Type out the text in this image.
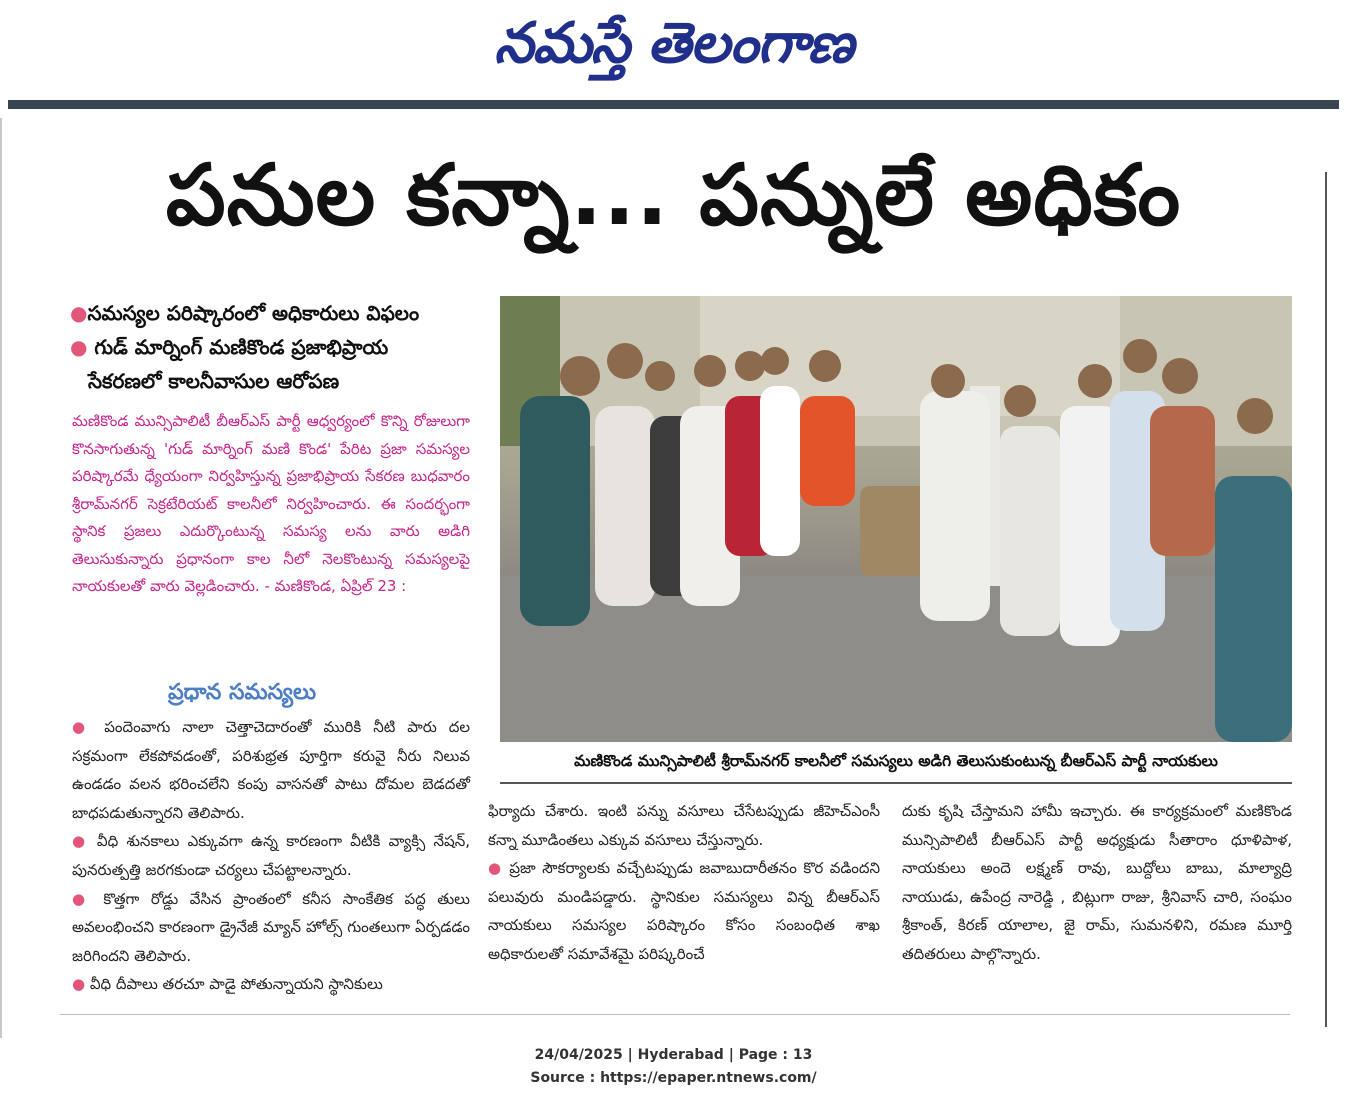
నమస్తే తెలంగాణ
పనుల కన్నా... పన్నులే అధికం
●సమస్యల పరిష్కారంలో అధికారులు విఫలం
● గుడ్ మార్నింగ్ మణికొండ ప్రజాభిప్రాయ
సేకరణలో కాలనీవాసుల ఆరోపణ
మణికొండ మున్సిపాలిటీ బీఆర్ఎస్ పార్టీ ఆధ్వర్యంలో కొన్ని రోజులుగా కొనసాగుతున్న 'గుడ్ మార్నింగ్ మణి కొండ' పేరిట ప్రజా సమస్యల పరిష్కారమే ధ్యేయంగా నిర్వహిస్తున్న ప్రజాభిప్రాయ సేకరణ బుధవారం శ్రీరామ్‌నగర్ సెక్రటేరియట్ కాలనీలో నిర్వహించారు. ఈ సందర్భంగా స్థానిక ప్రజలు ఎదుర్కొంటున్న సమస్య లను వారు అడిగి తెలుసుకున్నారు ప్రధానంగా కాల నీలో నెలకొంటున్న సమస్యలపై నాయకులతో వారు వెల్లడించారు. - మణికొండ, ఏప్రిల్ 23 :
ప్రధాన సమస్యలు
● పందెంవాగు నాలా చెత్తాచెదారంతో మురికి నీటి పారు దల సక్రమంగా లేకపోవడంతో, పరిశుభ్రత పూర్తిగా కరువై నీరు నిలువ ఉండడం వలన భరించలేని కంపు వాసనతో పాటు దోమల బెడదతో బాధపడుతున్నారని తెలిపారు.
● వీధి శునకాలు ఎక్కువగా ఉన్న కారణంగా వీటికి వ్యాక్సి నేషన్, పునరుత్పత్తి జరగకుండా చర్యలు చేపట్టాలన్నారు.
● కొత్తగా రోడ్డు వేసిన ప్రాంతంలో కనీస సాంకేతిక పద్ధ తులు అవలంభించని కారణంగా డ్రైనేజీ మ్యాన్ హోల్స్ గుంతలుగా ఏర్పడడం జరిగిందని తెలిపారు.
● వీధి దీపాలు తరచూ పాడై పోతున్నాయని స్థానికులు
మణికొండ మున్సిపాలిటీ శ్రీరామ్‌నగర్ కాలనీలో సమస్యలు అడిగి తెలుసుకుంటున్న బీఆర్ఎస్ పార్టీ నాయకులు
ఫిర్యాదు చేశారు. ఇంటి పన్ను వసూలు చేసేటప్పుడు జీహెచ్ఎంసీ కన్నా మూడింతలు ఎక్కువ వసూలు చేస్తున్నారు.
● ప్రజా సౌకర్యాలకు వచ్చేటప్పుడు జవాబుదారీతనం కొర వడిందని పలువురు మండిపడ్డారు. స్థానికుల సమస్యలు విన్న బీఆర్ఎస్ నాయకులు సమస్యల పరిష్కారం కోసం సంబంధిత శాఖ అధికారులతో సమావేశమై పరిష్కరించే
దుకు కృషి చేస్తామని హామీ ఇచ్చారు. ఈ కార్యక్రమంలో మణికొండ మున్సిపాలిటీ బీఆర్ఎస్ పార్టీ అధ్యక్షుడు సీతారాం ధూళిపాళ, నాయకులు అందె లక్ష్మణ్ రావు, బుద్దోలు బాబు, మాల్యాద్రి నాయుడు, ఉపేంద్ర నారెడ్డి , బిట్లుగా రాజు, శ్రీనివాస్ చారి, సంఘం శ్రీకాంత్, కిరణ్ యాలాల, జై రామ్, సుమనళిని, రమణ మూర్తి తదితరులు పాల్గొన్నారు.
24/04/2025 | Hyderabad | Page : 13
Source : https://epaper.ntnews.com/
